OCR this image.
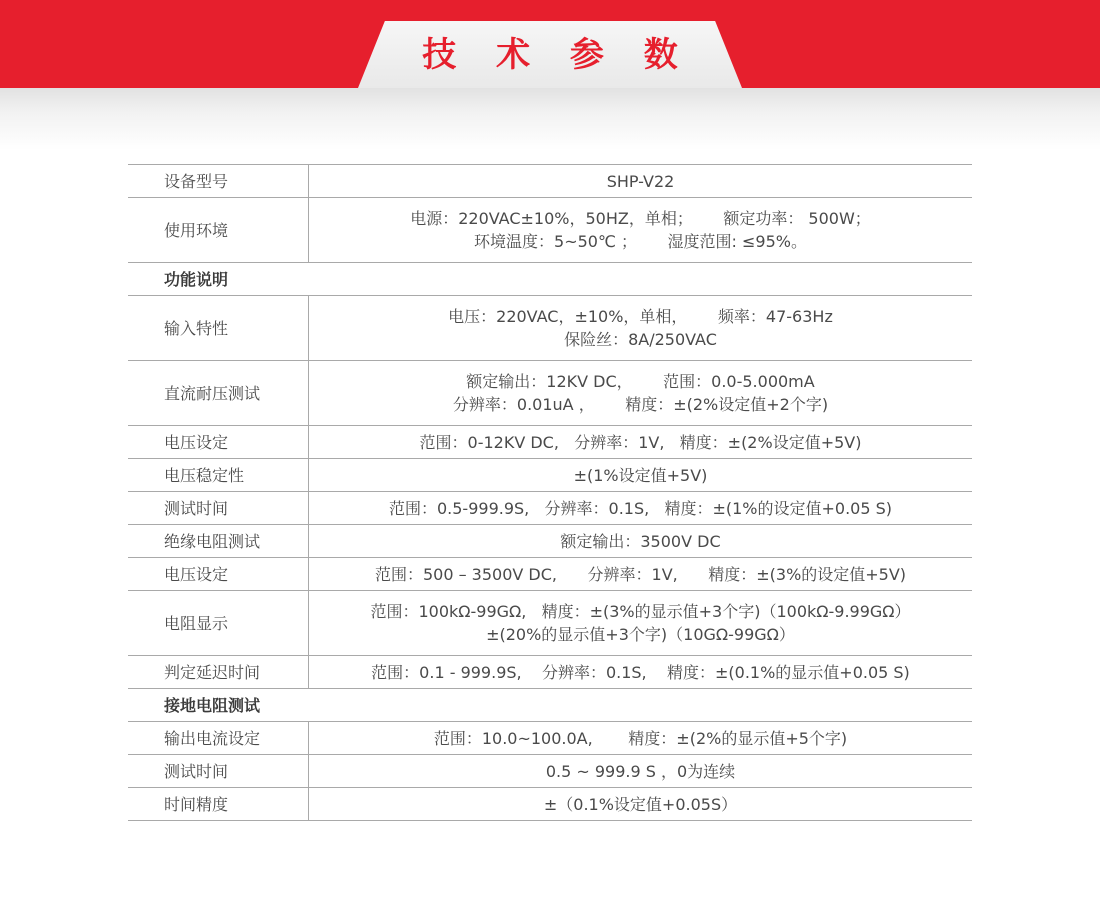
技 术 参 数
设备型号	SHP-V22

使用环境	电源：220VAC±10%，50HZ，单相；      额定功率： 500W；
环境温度：5~50℃ ；      湿度范围: ≤95%。

功能说明	
输入特性	电压：220VAC，±10%，单相，      频率：47-63Hz
保险丝：8A/250VAC

直流耐压测试	额定输出：12KV DC，      范围：0.0-5.000mA
分辨率：0.01uA ，      精度：±(2%设定值+2个字)

电压设定	范围：0-12KV DC,   分辨率：1V,   精度：±(2%设定值+5V)

电压稳定性	±(1%设定值+5V)

测试时间	范围：0.5-999.9S,   分辨率：0.1S,   精度：±(1%的设定值+0.05 S)

绝缘电阻测试	额定输出：3500V DC

电压设定	范围：500 – 3500V DC,      分辨率：1V,      精度：±(3%的设定值+5V)

电阻显示	范围：100kΩ-99GΩ,   精度：±(3%的显示值+3个字)（100kΩ-9.99GΩ）
±(20%的显示值+3个字)（10GΩ-99GΩ）

判定延迟时间	范围：0.1 - 999.9S,    分辨率：0.1S,    精度：±(0.1%的显示值+0.05 S)

接地电阻测试	
输出电流设定	范围：10.0~100.0A,       精度：±(2%的显示值+5个字)

测试时间	0.5 ~ 999.9 S ，0为连续

时间精度	±（0.1%设定值+0.05S）
